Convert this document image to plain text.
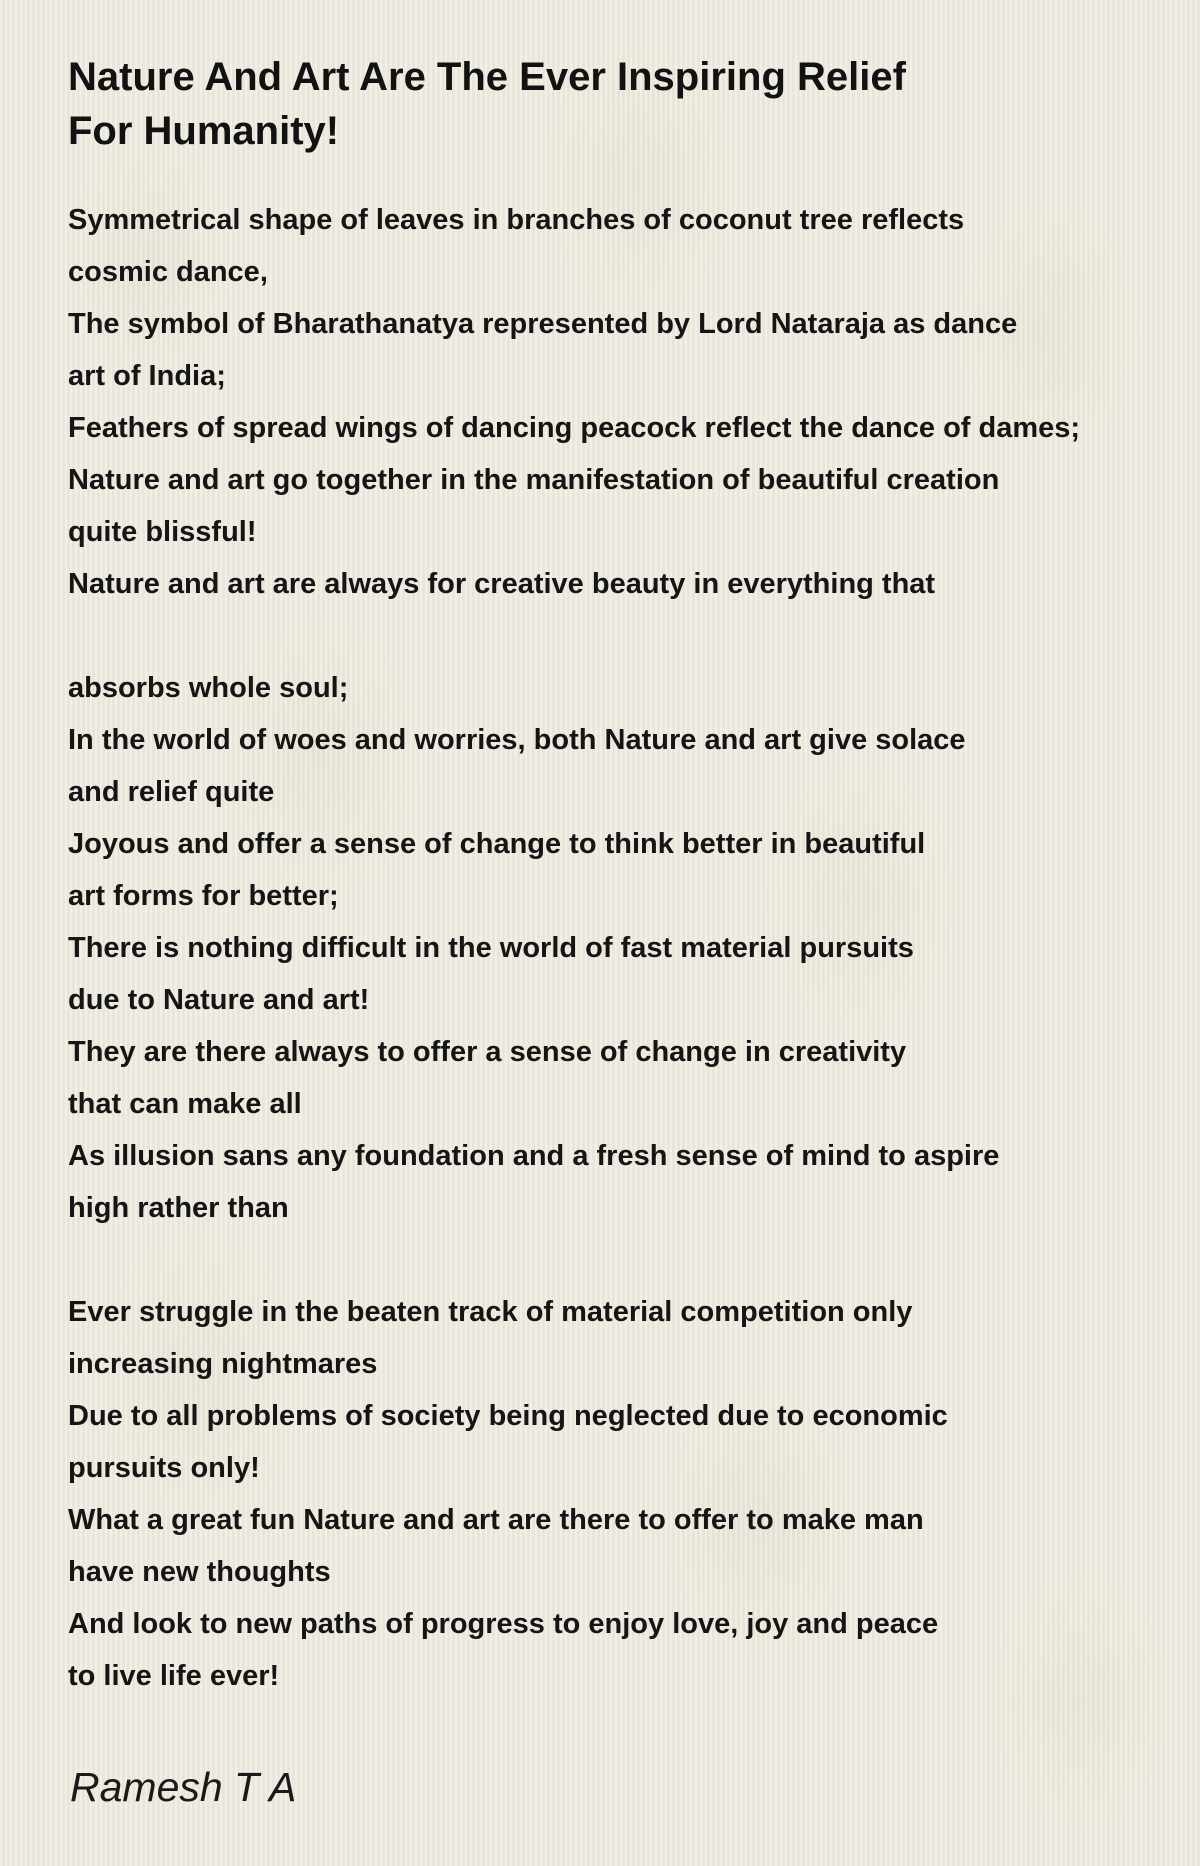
Nature And Art Are The Ever Inspiring Relief
For Humanity!
Symmetrical shape of leaves in branches of coconut tree reflects
cosmic dance,
The symbol of Bharathanatya represented by Lord Nataraja as dance
art of India;
Feathers of spread wings of dancing peacock reflect the dance of dames;
Nature and art go together in the manifestation of beautiful creation
quite blissful!
Nature and art are always for creative beauty in everything that
absorbs whole soul;
In the world of woes and worries, both Nature and art give solace
and relief quite
Joyous and offer a sense of change to think better in beautiful
art forms for better;
There is nothing difficult in the world of fast material pursuits
due to Nature and art!
They are there always to offer a sense of change in creativity
that can make all
As illusion sans any foundation and a fresh sense of mind to aspire
high rather than
Ever struggle in the beaten track of material competition only
increasing nightmares
Due to all problems of society being neglected due to economic
pursuits only!
What a great fun Nature and art are there to offer to make man
have new thoughts
And look to new paths of progress to enjoy love, joy and peace
to live life ever!
Ramesh T A
